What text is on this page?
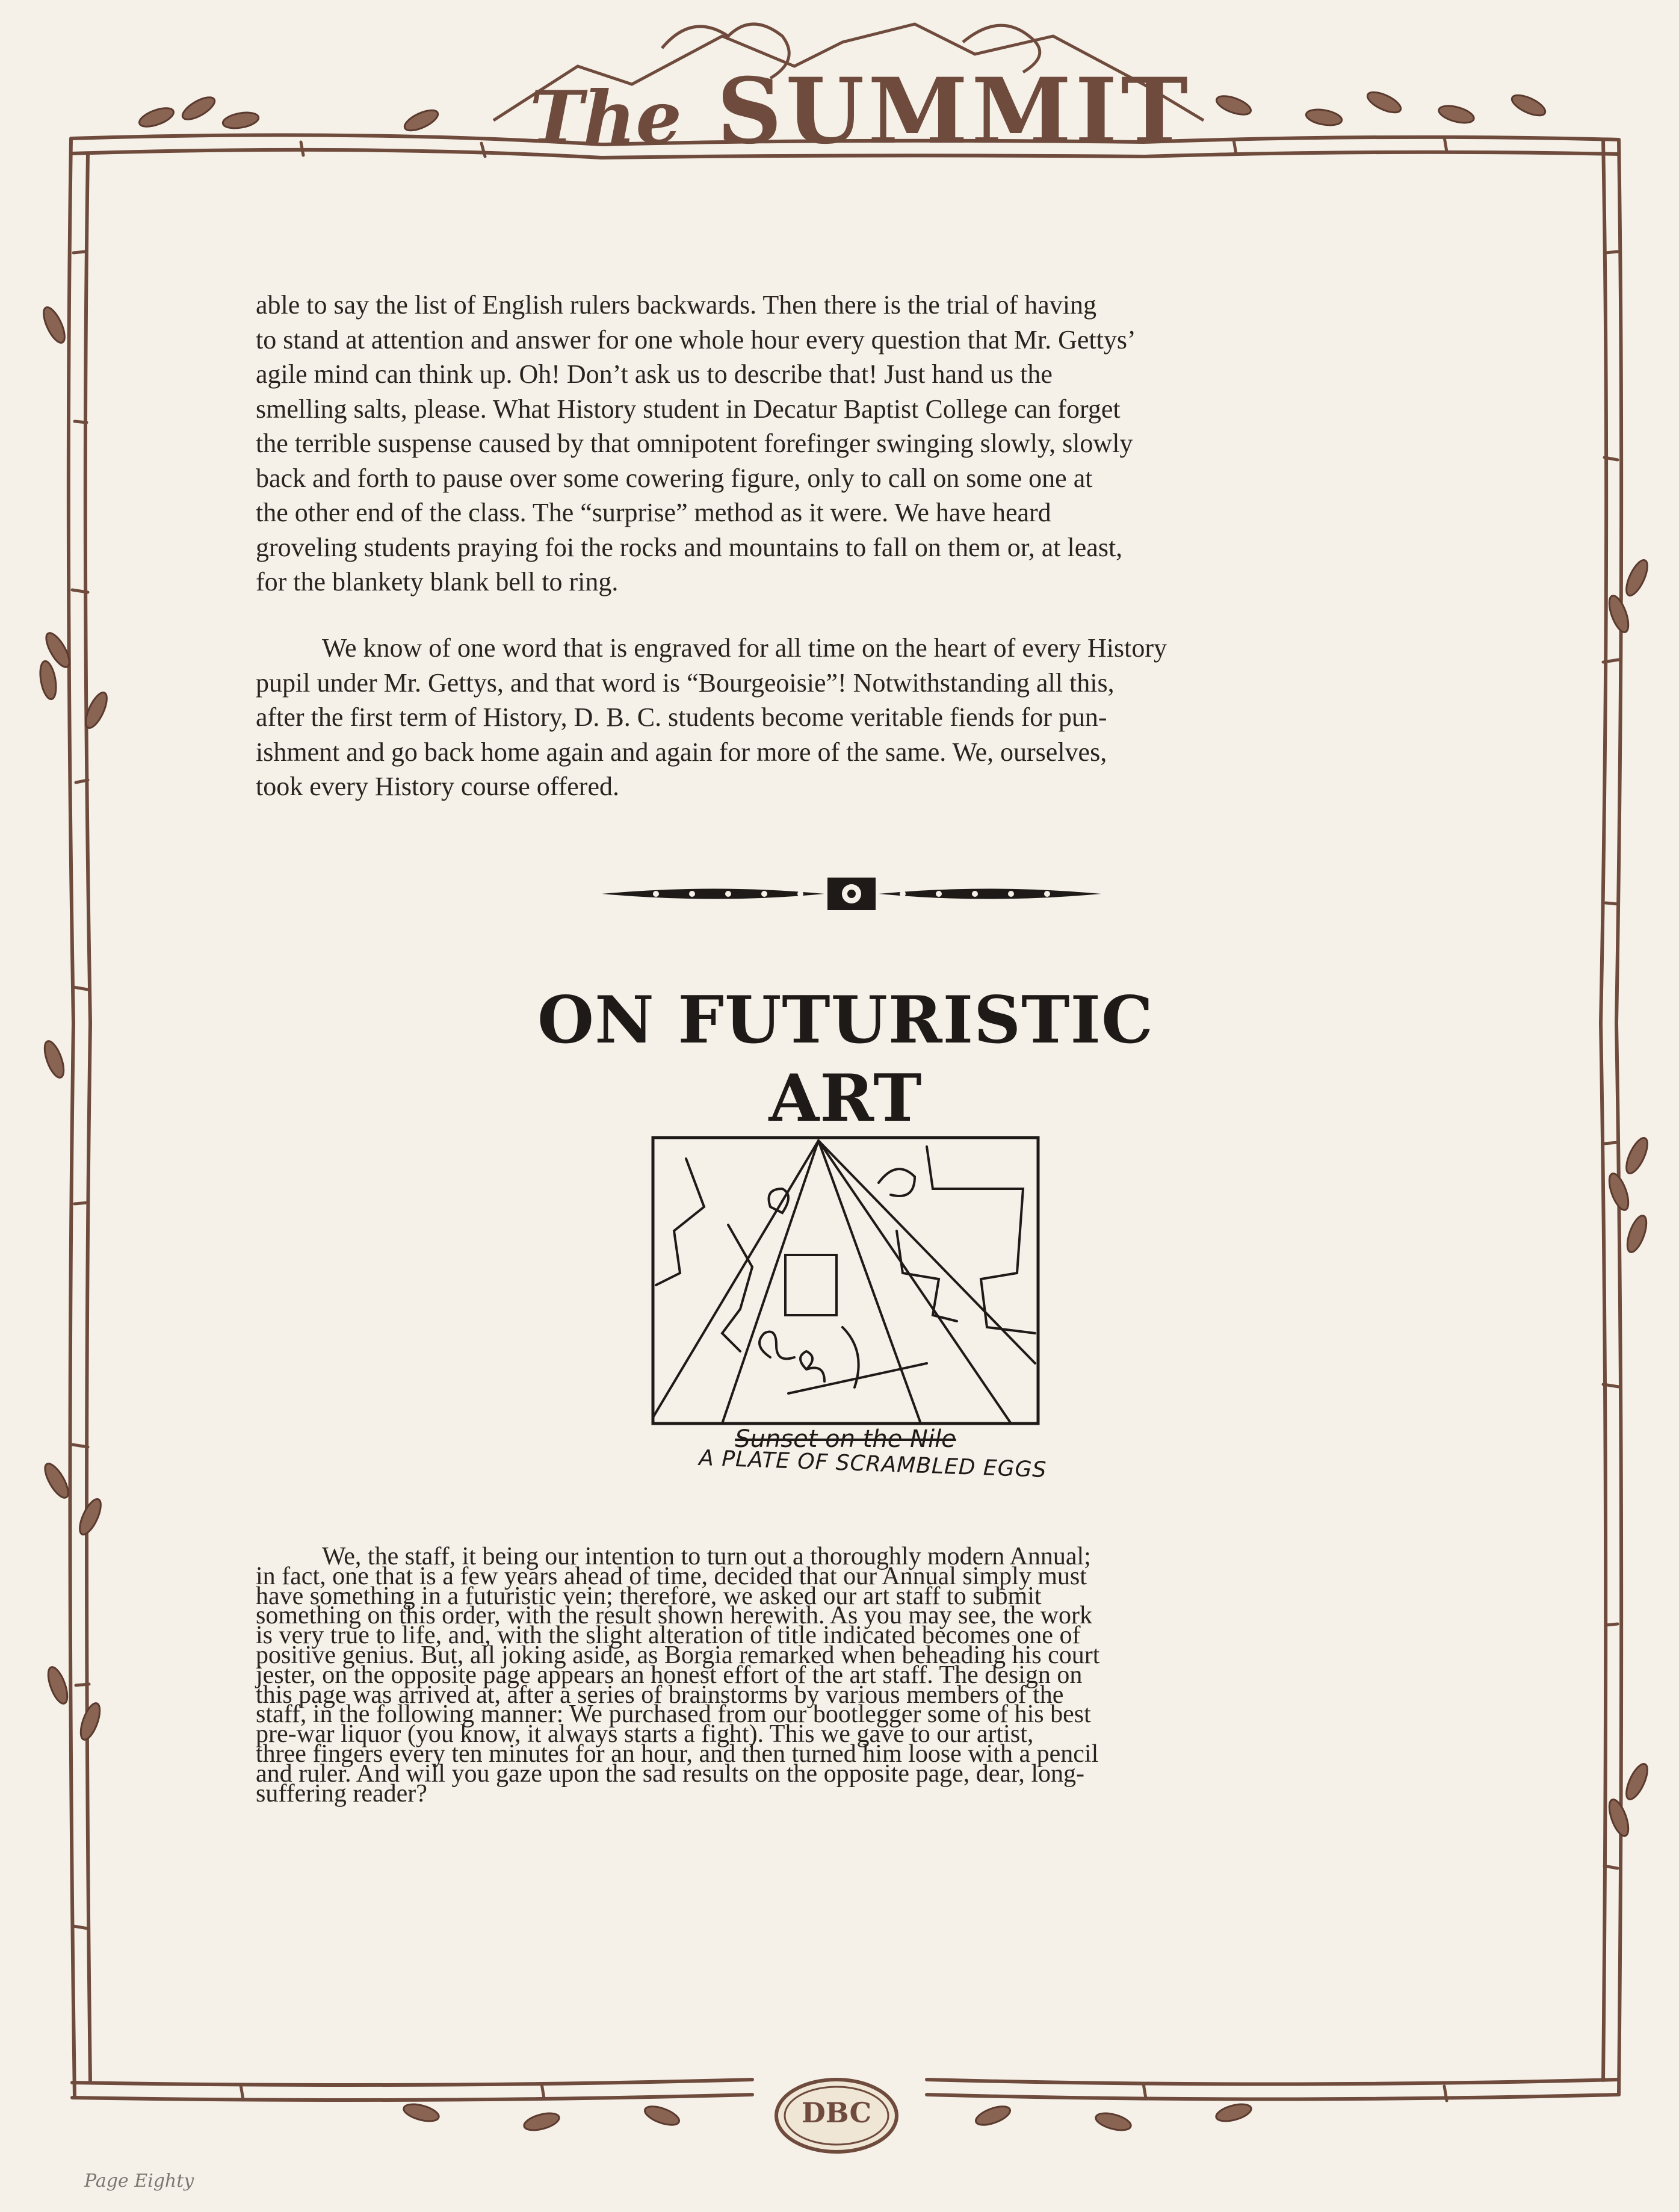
The SUMMIT
able to say the list of English rulers backwards. Then there is the trial of having
to stand at attention and answer for one whole hour every question that Mr. Gettys’
agile mind can think up. Oh! Don’t ask us to describe that! Just hand us the
smelling salts, please. What History student in Decatur Baptist College can forget
the terrible suspense caused by that omnipotent forefinger swinging slowly, slowly
back and forth to pause over some cowering figure, only to call on some one at
the other end of the class. The “surprise” method as it were. We have heard
groveling students praying foi the rocks and mountains to fall on them or, at least,
for the blankety blank bell to ring.
We know of one word that is engraved for all time on the heart of every History
pupil under Mr. Gettys, and that word is “Bourgeoisie”! Notwithstanding all this,
after the first term of History, D. B. C. students become veritable fiends for pun-
ishment and go back home again and again for more of the same. We, ourselves,
took every History course offered.
ON FUTURISTIC ART
Sunset on the Nile
A PLATE OF SCRAMBLED EGGS
We, the staff, it being our intention to turn out a thoroughly modern Annual;
in fact, one that is a few years ahead of time, decided that our Annual simply must
have something in a futuristic vein; therefore, we asked our art staff to submit
something on this order, with the result shown herewith. As you may see, the work
is very true to life, and, with the slight alteration of title indicated becomes one of
positive genius. But, all joking aside, as Borgia remarked when beheading his court
jester, on the opposite page appears an honest effort of the art staff. The design on
this page was arrived at, after a series of brainstorms by various members of the
staff, in the following manner: We purchased from our bootlegger some of his best
pre-war liquor (you know, it always starts a fight). This we gave to our artist,
three fingers every ten minutes for an hour, and then turned him loose with a pencil
and ruler. And will you gaze upon the sad results on the opposite page, dear, long-
suffering reader?
DBC
Page Eighty
